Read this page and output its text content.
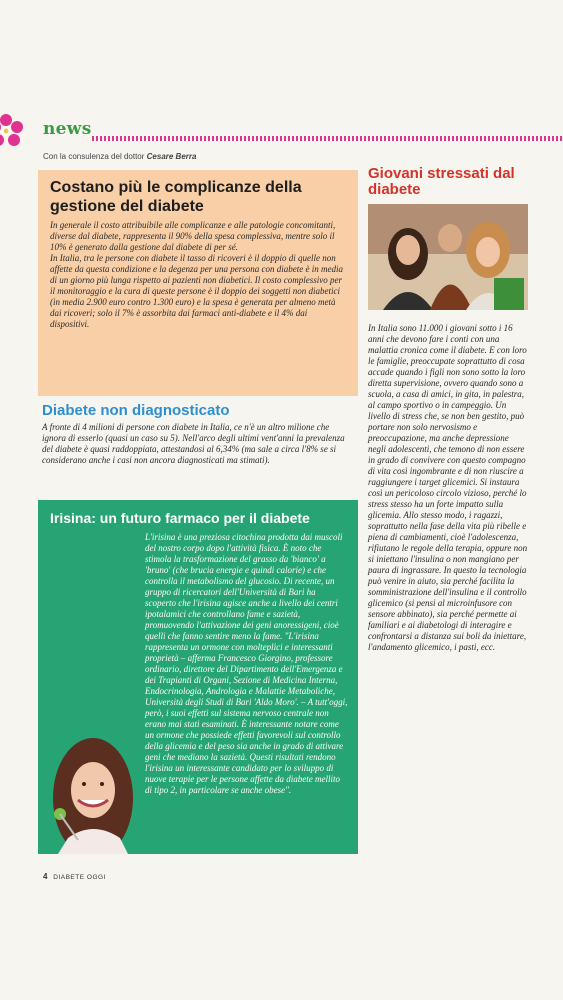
news
Con la consulenza del dottor Cesare Berra
Costano più le complicanze della gestione del diabete

In generale il costo attribuibile alle complicanze e alle patologie concomitanti, diverse dal diabete, rappresenta il 90% della spesa complessiva, mentre solo il 10% è generato dalla gestione dal diabete di per sé.

In Italia, tra le persone con diabete il tasso di ricoveri è il doppio di quelle non affette da questa condizione e la degenza per una persona con diabete è in media di un giorno più lunga rispetto ai pazienti non diabetici. Il costo complessivo per il monitoraggio e la cura di queste persone è il doppio dei soggetti non diabetici (in media 2.900 euro contro 1.300 euro) e la spesa è generata per almeno metà dai ricoveri; solo il 7% è assorbita dai farmaci anti-diabete e il 4% dai dispositivi.

Diabete non diagnosticato

A fronte di 4 milioni di persone con diabete in Italia, ce n'è un altro milione che ignora di esserlo (quasi un caso su 5). Nell'arco degli ultimi vent'anni la prevalenza del diabete è quasi raddoppiata, attestandosi al 6,34% (ma sale a circa l'8% se si considerano anche i casi non ancora diagnosticati ma stimati).

Irisina: un futuro farmaco per il diabete

L'irisina è una preziosa citochina prodotta dai muscoli del nostro corpo dopo l'attività fisica. È noto che stimola la trasformazione del grasso da 'bianco' a 'bruno' (che brucia energie e quindi calorie) e che controlla il metabolismo del glucosio. Di recente, un gruppo di ricercatori dell'Università di Bari ha scoperto che l'irisina agisce anche a livello dei centri ipotalamici che controllano fame e sazietà, promuovendo l'attivazione dei geni anoressigeni, cioè quelli che fanno sentire meno la fame. "L'irisina rappresenta un ormone con molteplici e interessanti proprietà – afferma Francesco Giorgino, professore ordinario, direttore del Dipartimento dell'Emergenza e dei Trapianti di Organi, Sezione di Medicina Interna, Endocrinologia, Andrologia e Malattie Metaboliche, Università degli Studi di Bari 'Aldo Moro'. – A tutt'oggi, però, i suoi effetti sul sistema nervoso centrale non erano mai stati esaminati. È interessante notare come un ormone che possiede effetti favorevoli sul controllo della glicemia e del peso sia anche in grado di attivare geni che mediano la sazietà. Questi risultati rendono l'irisina un interessante candidato per lo sviluppo di nuove terapie per le persone affette da diabete mellito di tipo 2, in particolare se anche obese".

Giovani stressati dal diabete

In Italia sono 11.000 i giovani sotto i 16 anni che devono fare i conti con una malattia cronica come il diabete. E con loro le famiglie, preoccupate soprattutto di cosa accade quando i figli non sono sotto la loro diretta supervisione, ovvero quando sono a scuola, a casa di amici, in gita, in palestra, al campo sportivo o in campeggio. Un livello di stress che, se non ben gestito, può portare non solo nervosismo e preoccupazione, ma anche depressione negli adolescenti, che temono di non essere in grado di convivere con questo compagno di vita così ingombrante e di non riuscire a raggiungere i target glicemici. Si instaura così un pericoloso circolo vizioso, perché lo stress stesso ha un forte impatto sulla glicemia. Allo stesso modo, i ragazzi, soprattutto nella fase della vita più ribelle e piena di cambiamenti, cioè l'adolescenza, rifiutano le regole della terapia, oppure non si iniettano l'insulina o non mangiano per paura di ingrassare. In questo la tecnologia può venire in aiuto, sia perché facilita la somministrazione dell'insulina e il controllo glicemico (si pensi al microinfusore con sensore abbinato), sia perché permette ai familiari e ai diabetologi di interagire e confrontarsi a distanza sui boli da iniettare, l'andamento glicemico, i pasti, ecc.

4 DIABETE OGGI
